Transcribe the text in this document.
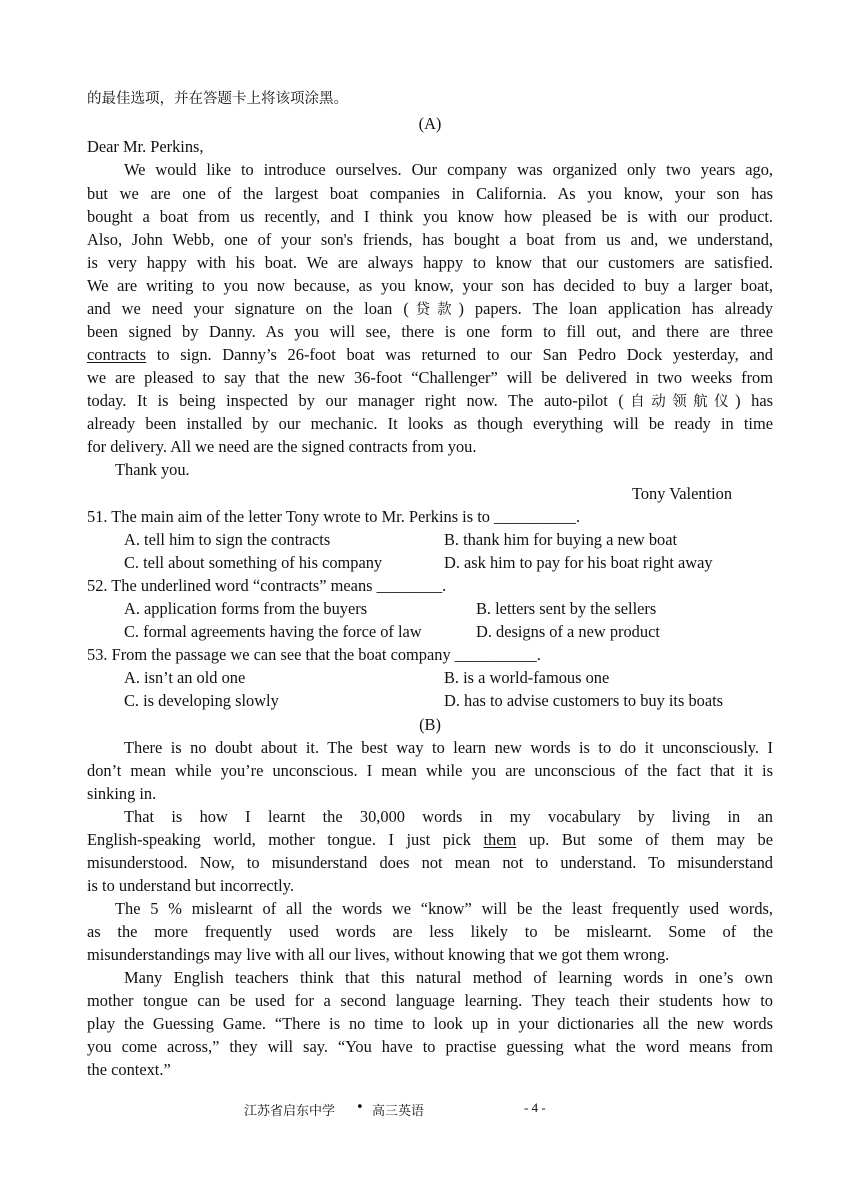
的最佳选项，并在答题卡上将该项涂黑。
(A)
Dear Mr. Perkins,
We would like to introduce ourselves. Our company was organized only two years ago,
but we are one of the largest boat companies in California. As you know, your son has
bought a boat from us recently, and I think you know how pleased be is with our product.
Also, John Webb, one of your son's friends, has bought a boat from us and, we understand,
is very happy with his boat. We are always happy to know that our customers are satisfied.
We are writing to you now because, as you know, your son has decided to buy a larger boat,
and we need your signature on the loan (贷款) papers. The loan application has already
been signed by Danny. As you will see, there is one form to fill out, and there are three
contracts to sign. Danny’s 26-foot boat was returned to our San Pedro Dock yesterday, and
we are pleased to say that the new 36-foot “Challenger” will be delivered in two weeks from
today. It is being inspected by our manager right now. The auto-pilot (自动领航仪) has
already been installed by our mechanic. It looks as though everything will be ready in time
for delivery. All we need are the signed contracts from you.
Thank you.
Tony Valention
51. The main aim of the letter Tony wrote to Mr. Perkins is to __________.
A. tell him to sign the contracts	B. thank him for buying a new boat
C. tell about something of his company	D. ask him to pay for his boat right away
52. The underlined word “contracts” means ________.
A. application forms from the buyers	B. letters sent by the sellers
C. formal agreements having the force of law	D. designs of a new product
53. From the passage we can see that the boat company __________.
A. isn’t an old one	B. is a world-famous one
C. is developing slowly	D. has to advise customers to buy its boats
(B)
There is no doubt about it. The best way to learn new words is to do it unconsciously. I
don’t mean while you’re unconscious. I mean while you are unconscious of the fact that it is
sinking in.
That is how I learnt the 30,000 words in my vocabulary by living in an
English-speaking world, mother tongue. I just pick them up. But some of them may be
misunderstood. Now, to misunderstand does not mean not to understand. To misunderstand
is to understand but incorrectly.
The 5 % mislearnt of all the words we “know” will be the least frequently used words,
as the more frequently used words are less likely to be mislearnt. Some of the
misunderstandings may live with all our lives, without knowing that we got them wrong.
Many English teachers think that this natural method of learning words in one’s own
mother tongue can be used for a second language learning. They teach their students how to
play the Guessing Game. “There is no time to look up in your dictionaries all the new words
you come across,” they will say. “You have to practise guessing what the word means from
the context.”
江苏省启东中学 • 高三英语	- 4 -
